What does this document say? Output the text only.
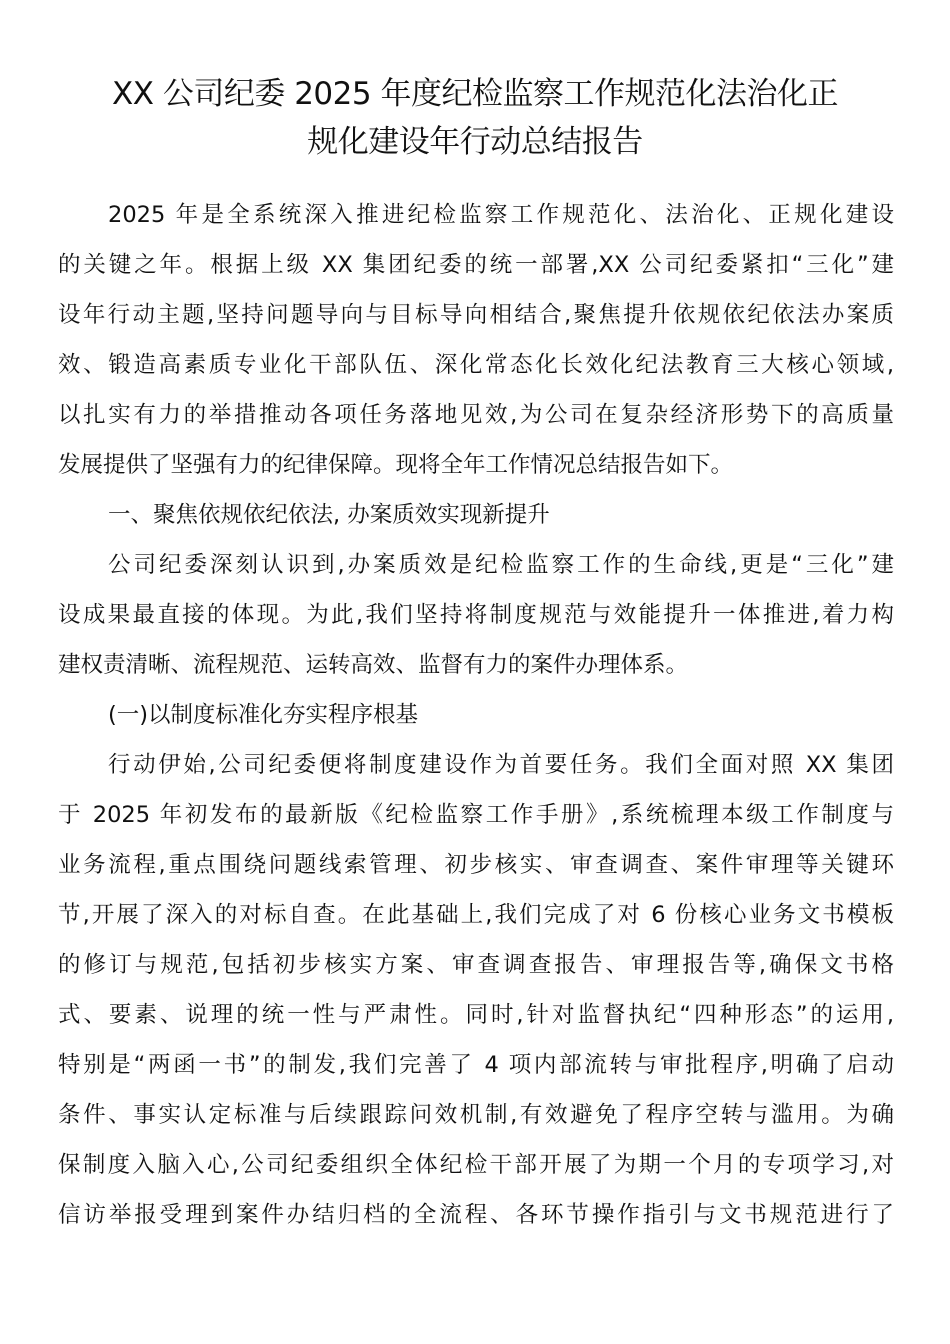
XX 公司纪委 2025 年度纪检监察工作规范化法治化正
规化建设年行动总结报告
2025 年是全系统深入推进纪检监察工作规范化、法治化、正规化建设
的关键之年。根据上级 XX 集团纪委的统一部署,XX 公司纪委紧扣“三化”建
设年行动主题,坚持问题导向与目标导向相结合,聚焦提升依规依纪依法办案质
效、锻造高素质专业化干部队伍、深化常态化长效化纪法教育三大核心领域,
以扎实有力的举措推动各项任务落地见效,为公司在复杂经济形势下的高质量
发展提供了坚强有力的纪律保障。现将全年工作情况总结报告如下。
一、聚焦依规依纪依法, 办案质效实现新提升
公司纪委深刻认识到,办案质效是纪检监察工作的生命线,更是“三化”建
设成果最直接的体现。为此,我们坚持将制度规范与效能提升一体推进,着力构
建权责清晰、流程规范、运转高效、监督有力的案件办理体系。
(一)以制度标准化夯实程序根基
行动伊始,公司纪委便将制度建设作为首要任务。我们全面对照 XX 集团
于 2025 年初发布的最新版《纪检监察工作手册》,系统梳理本级工作制度与
业务流程,重点围绕问题线索管理、初步核实、审查调查、案件审理等关键环
节,开展了深入的对标自查。在此基础上,我们完成了对 6 份核心业务文书模板
的修订与规范,包括初步核实方案、审查调查报告、审理报告等,确保文书格
式、要素、说理的统一性与严肃性。同时,针对监督执纪“四种形态”的运用,
特别是“两函一书”的制发,我们完善了 4 项内部流转与审批程序,明确了启动
条件、事实认定标准与后续跟踪问效机制,有效避免了程序空转与滥用。为确
保制度入脑入心,公司纪委组织全体纪检干部开展了为期一个月的专项学习,对
信访举报受理到案件办结归档的全流程、各环节操作指引与文书规范进行了
